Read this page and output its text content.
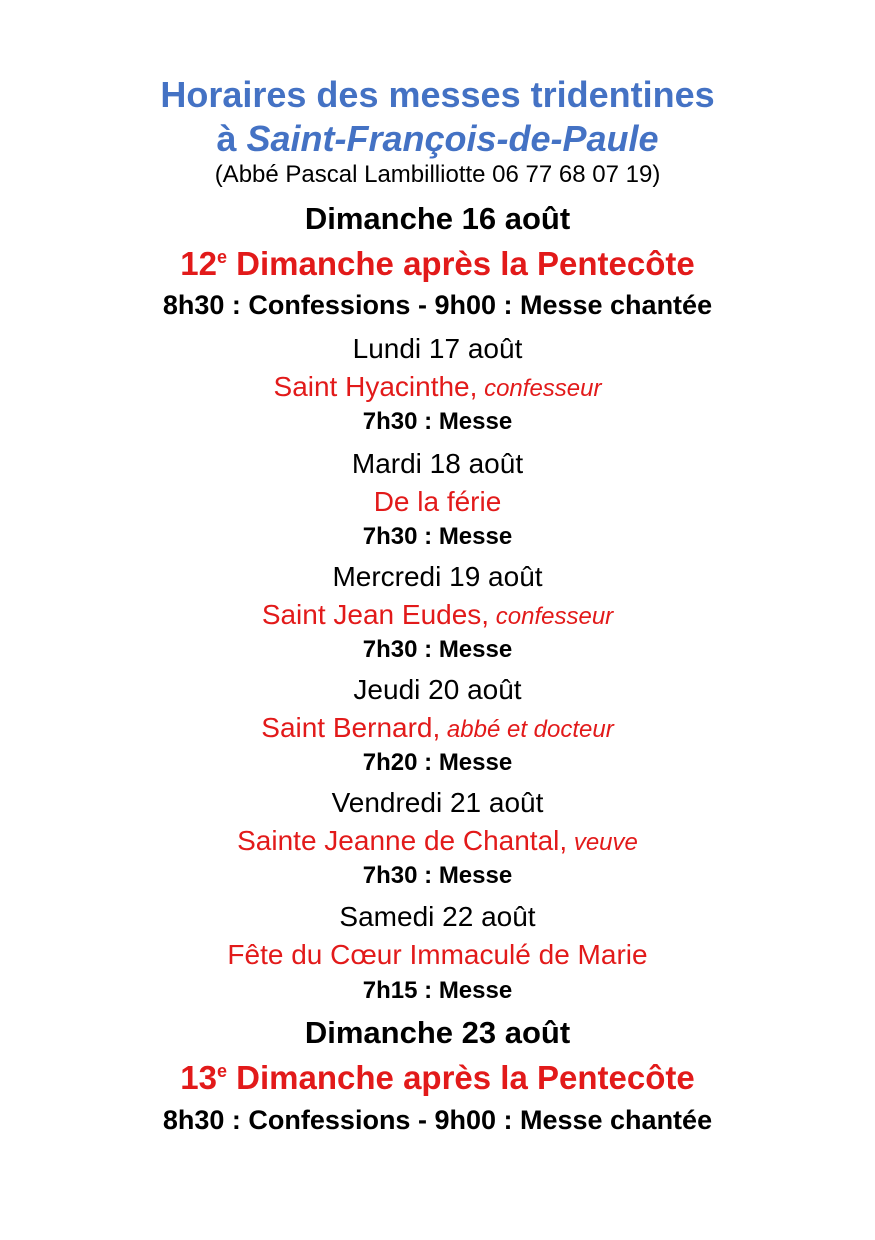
Horaires des messes tridentines
à Saint-François-de-Paule
(Abbé Pascal Lambilliotte 06 77 68 07 19)
Dimanche 16 août
12e Dimanche après la Pentecôte
8h30 : Confessions - 9h00 : Messe chantée
Lundi 17 août
Saint Hyacinthe, confesseur
7h30 : Messe
Mardi 18 août
De la férie
7h30 : Messe
Mercredi 19 août
Saint Jean Eudes, confesseur
7h30 : Messe
Jeudi 20 août
Saint Bernard, abbé et docteur
7h20 : Messe
Vendredi 21 août
Sainte Jeanne de Chantal, veuve
7h30 : Messe
Samedi 22 août
Fête du Cœur Immaculé de Marie
7h15 : Messe
Dimanche 23 août
13e Dimanche après la Pentecôte
8h30 : Confessions - 9h00 : Messe chantée
